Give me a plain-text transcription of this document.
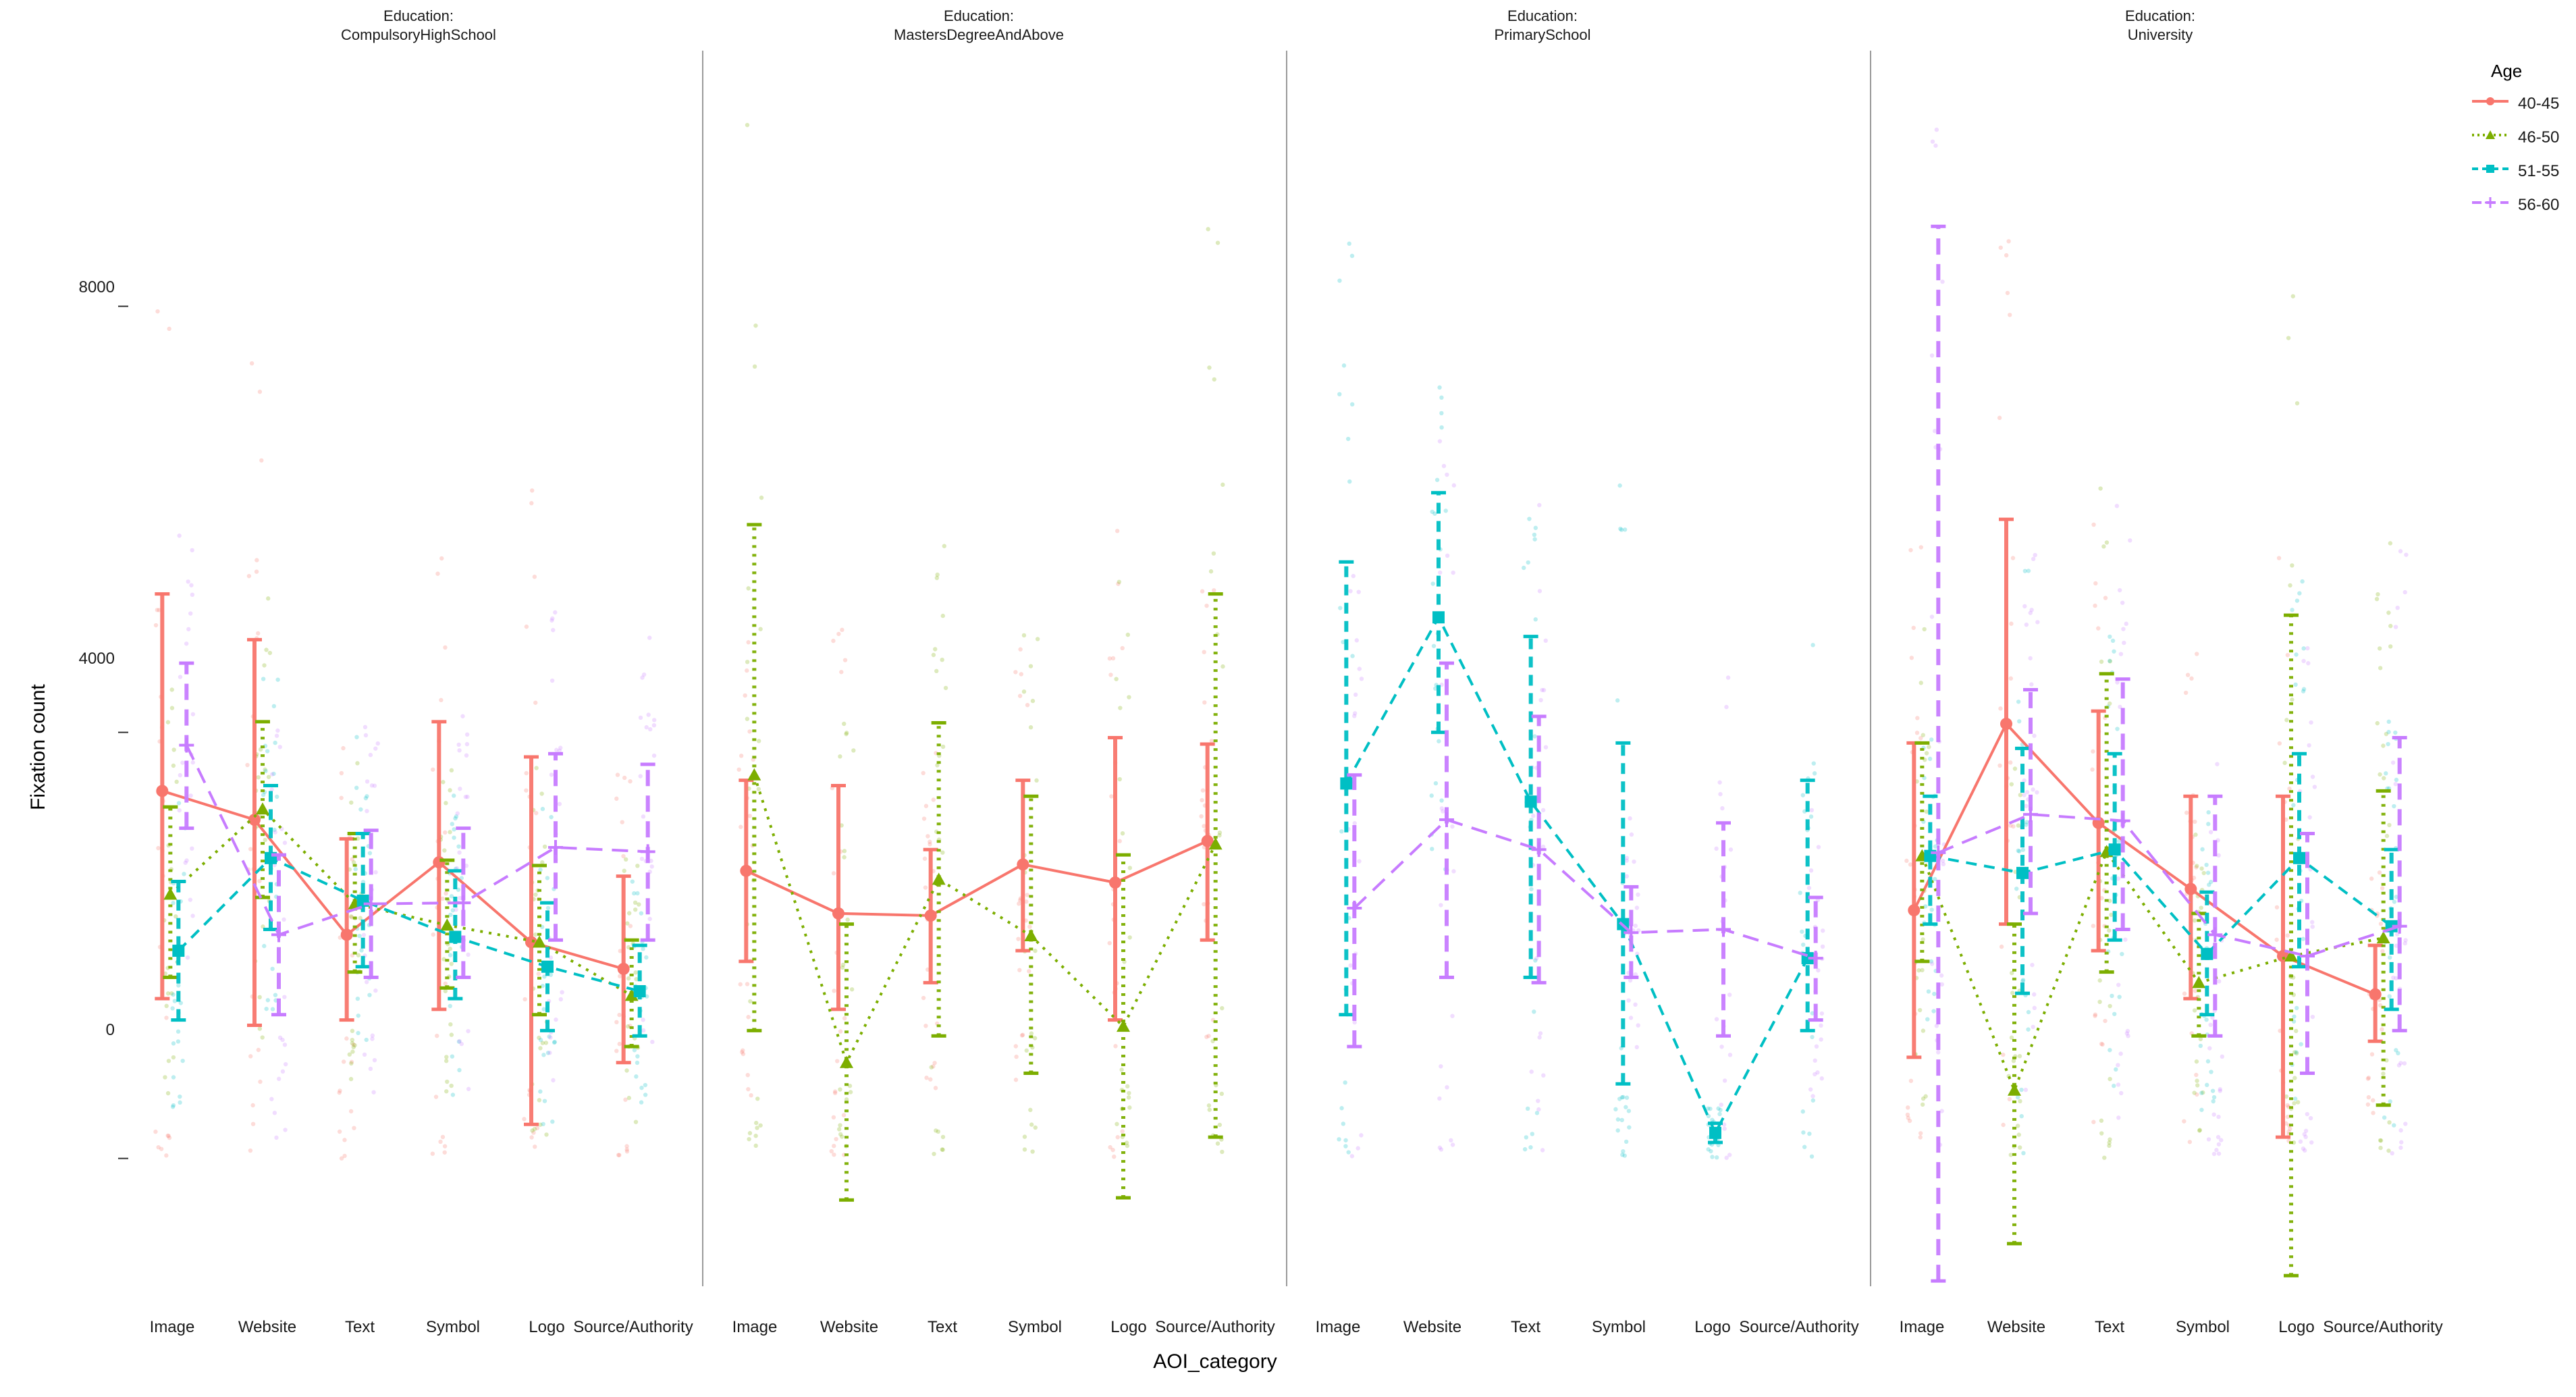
Education:
CompulsoryHighSchool
Education:
MastersDegreeAndAbove
Education:
PrimarySchool
Education:
University
Fixation count
AOI_category
8000
4000
0
Image	Website	Text	Symbol	Logo Source/Authority Image	Website	Text	Symbol	Logo Source/Authority Image	Website	Text	Symbol	Logo Source/Authority Image	Website	Text	Symbol	Logo Source/Authority
Age
40-45
46-50
51-55
56-60
